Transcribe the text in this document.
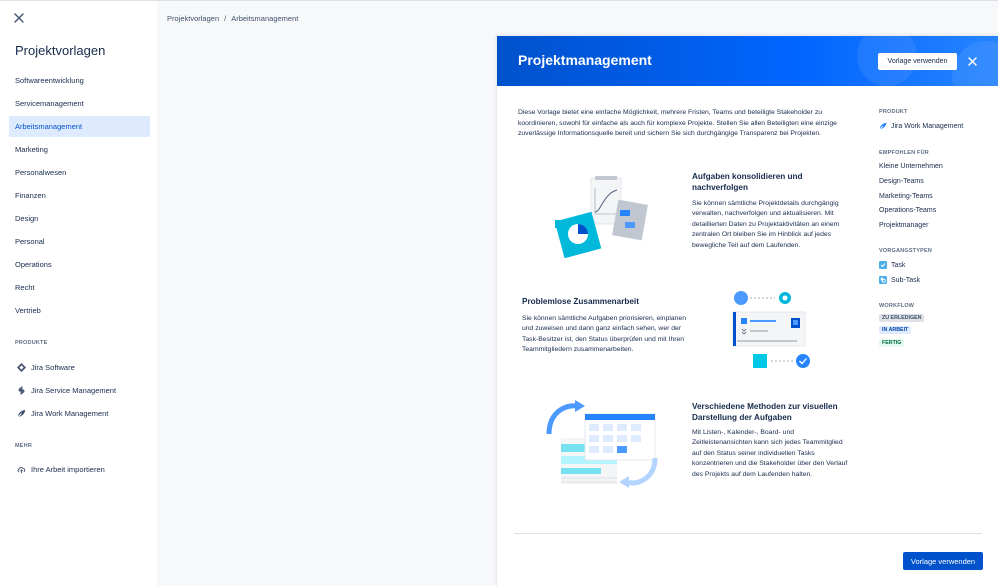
Projektvorlagen
Softwareentwicklung
Servicemanagement
Arbeitsmanagement
Marketing
Personalwesen
Finanzen
Design
Personal
Operations
Recht
Vertrieb
PRODUKTE
Jira Software
Jira Service Management
Jira Work Management
MEHR
Ihre Arbeit importieren
Projektvorlagen / Arbeitsmanagement
Projektmanagement	Vorlage verwenden

Diese Vorlage bietet eine einfache Möglichkeit, mehrere Fristen, Teams und beteiligte Stakeholder zu koordinieren, sowohl für einfache als auch für komplexe Projekte. Stellen Sie allen Beteiligten eine einzige zuverlässige Informationsquelle bereit und sichern Sie sich durchgängige Transparenz bei Projekten.

Aufgaben konsolidieren und nachverfolgen
Sie können sämtliche Projektdetails durchgängig verwalten, nachverfolgen und aktualisieren. Mit detaillierten Daten zu Projektaktivitäten an einem zentralen Ort bleiben Sie im Hinblick auf jedes bewegliche Teil auf dem Laufenden.
Problemlose Zusammenarbeit
Sie können sämtliche Aufgaben priorisieren, einplanen und zuweisen und dann ganz einfach sehen, wer der Task-Besitzer ist, den Status überprüfen und mit Ihren Teammitgliedern zusammenarbeiten.
Verschiedene Methoden zur visuellen Darstellung der Aufgaben
Mit Listen-, Kalender-, Board- und Zeitleistenansichten kann sich jedes Teammitglied auf den Status seiner individuellen Tasks konzentrieren und die Stakeholder über den Verlauf des Projekts auf dem Laufenden halten.
PRODUKT
Jira Work Management
EMPFOHLEN FÜR
Kleine Unternehmen
Design-Teams
Marketing-Teams
Operations-Teams
Projektmanager
VORGANGSTYPEN
Task
Sub-Task
WORKFLOW
ZU ERLEDIGEN
IN ARBEIT
FERTIG
Vorlage verwenden
